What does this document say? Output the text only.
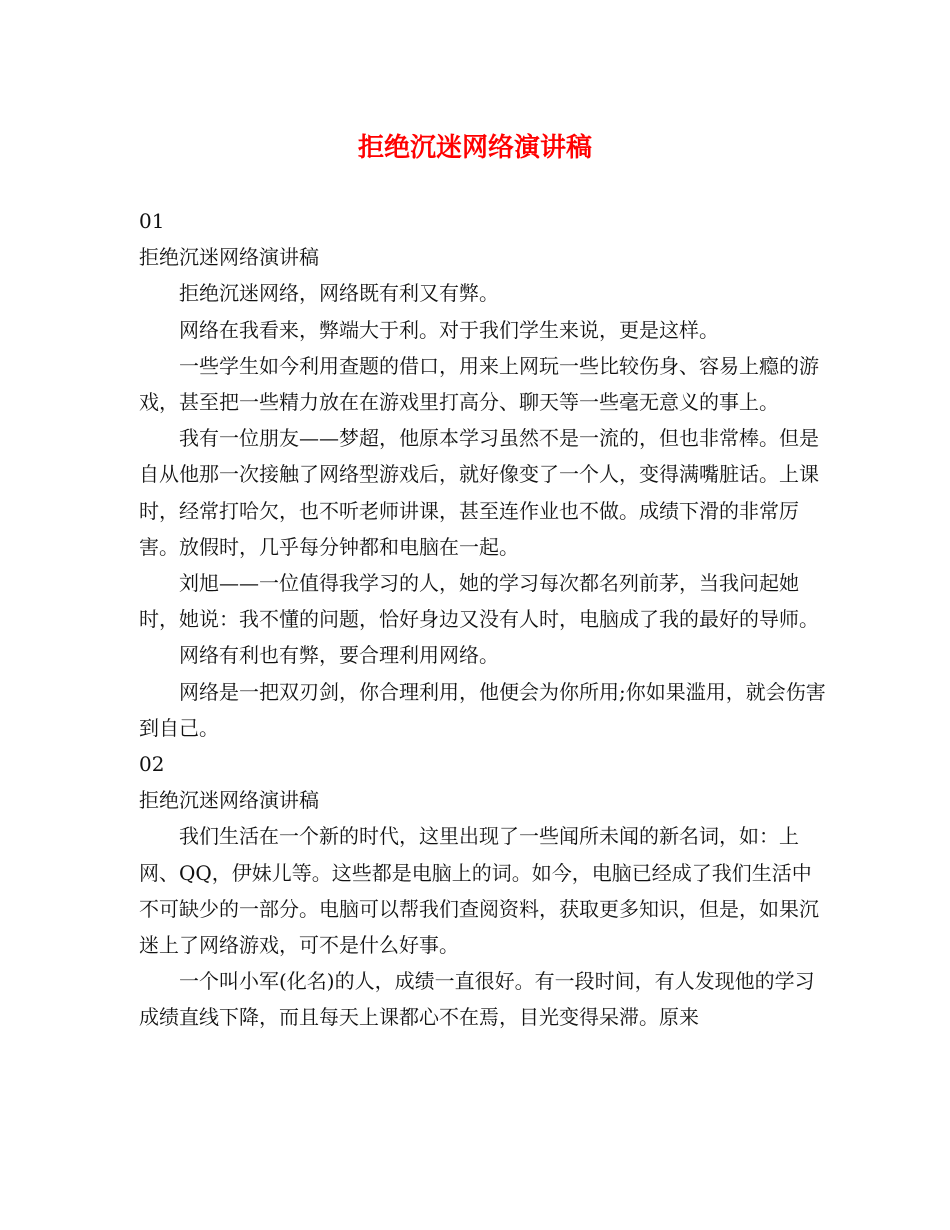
拒绝沉迷网络演讲稿

01

拒绝沉迷网络演讲稿

拒绝沉迷网络，网络既有利又有弊。

网络在我看来，弊端大于利。对于我们学生来说，更是这样。

一些学生如今利用查题的借口，用来上网玩一些比较伤身、容易上瘾的游戏，甚至把一些精力放在在游戏里打高分、聊天等一些毫无意义的事上。

我有一位朋友——梦超，他原本学习虽然不是一流的，但也非常棒。但是自从他那一次接触了网络型游戏后，就好像变了一个人，变得满嘴脏话。上课时，经常打哈欠，也不听老师讲课，甚至连作业也不做。成绩下滑的非常厉害。放假时，几乎每分钟都和电脑在一起。

刘旭——一位值得我学习的人，她的学习每次都名列前茅，当我问起她时，她说：我不懂的问题，恰好身边又没有人时，电脑成了我的最好的导师。

网络有利也有弊，要合理利用网络。

网络是一把双刃剑，你合理利用，他便会为你所用;你如果滥用，就会伤害到自己。

02

拒绝沉迷网络演讲稿

我们生活在一个新的时代，这里出现了一些闻所未闻的新名词，如：上网、QQ，伊妹儿等。这些都是电脑上的词。如今，电脑已经成了我们生活中不可缺少的一部分。电脑可以帮我们查阅资料，获取更多知识，但是，如果沉迷上了网络游戏，可不是什么好事。

一个叫小军(化名)的人，成绩一直很好。有一段时间，有人发现他的学习成绩直线下降，而且每天上课都心不在焉，目光变得呆滞。原来
